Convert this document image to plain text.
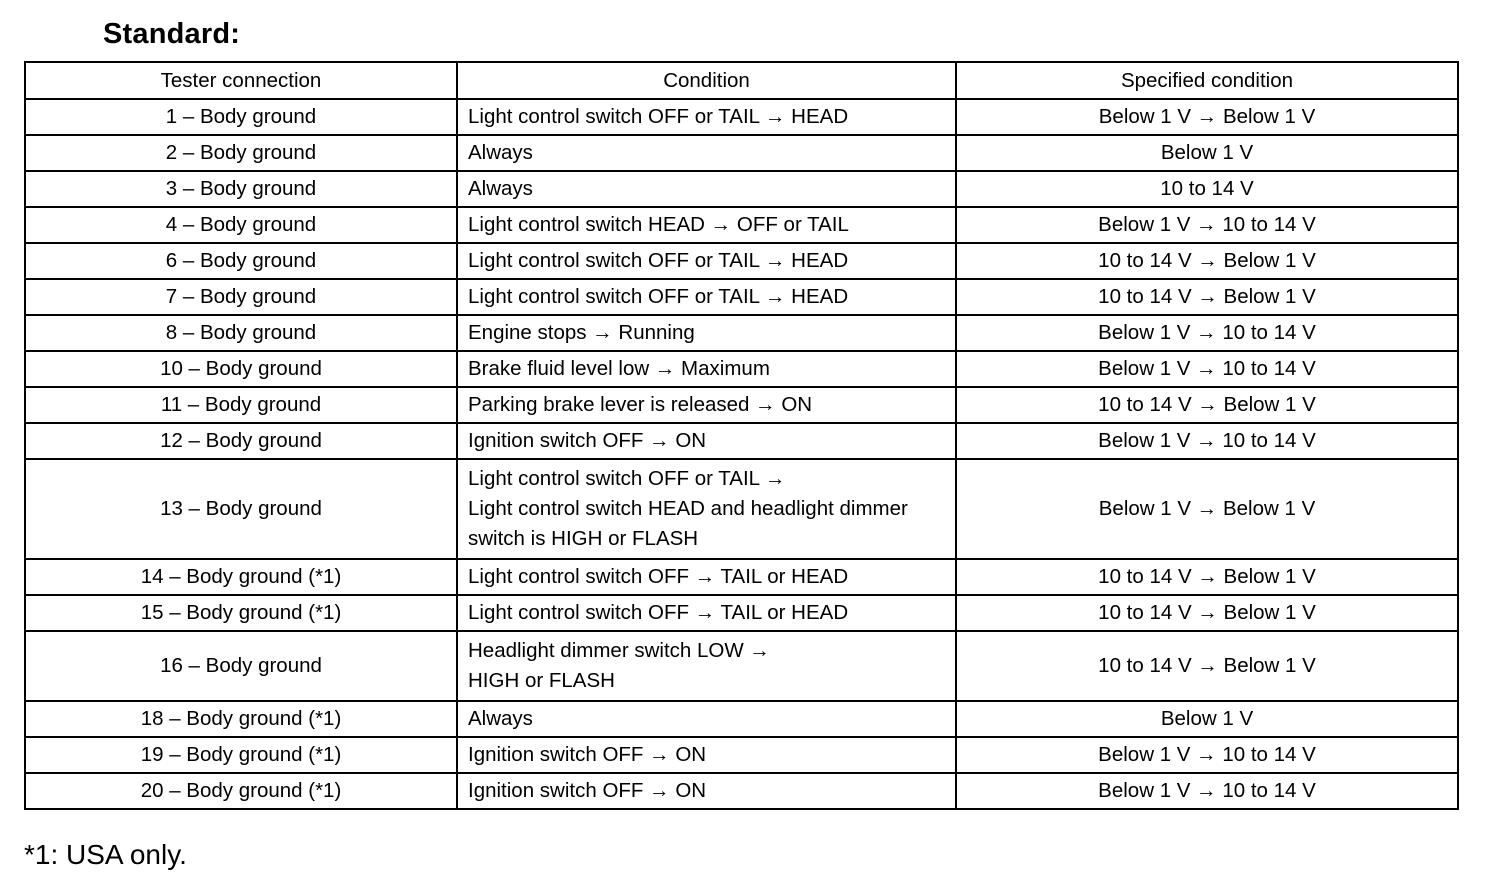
Standard:
Tester connection	Condition	Specified condition
1 – Body ground	Light control switch OFF or TAIL → HEAD	Below 1 V → Below 1 V
2 – Body ground	Always	Below 1 V
3 – Body ground	Always	10 to 14 V
4 – Body ground	Light control switch HEAD → OFF or TAIL	Below 1 V → 10 to 14 V
6 – Body ground	Light control switch OFF or TAIL → HEAD	10 to 14 V → Below 1 V
7 – Body ground	Light control switch OFF or TAIL → HEAD	10 to 14 V → Below 1 V
8 – Body ground	Engine stops → Running	Below 1 V → 10 to 14 V
10 – Body ground	Brake fluid level low → Maximum	Below 1 V → 10 to 14 V
11 – Body ground	Parking brake lever is released → ON	10 to 14 V → Below 1 V
12 – Body ground	Ignition switch OFF → ON	Below 1 V → 10 to 14 V
13 – Body ground	Light control switch OFF or TAIL →
Light control switch HEAD and headlight dimmer
switch is HIGH or FLASH	Below 1 V → Below 1 V
14 – Body ground (*1)	Light control switch OFF → TAIL or HEAD	10 to 14 V → Below 1 V
15 – Body ground (*1)	Light control switch OFF → TAIL or HEAD	10 to 14 V → Below 1 V
16 – Body ground	Headlight dimmer switch LOW →
HIGH or FLASH	10 to 14 V → Below 1 V
18 – Body ground (*1)	Always	Below 1 V
19 – Body ground (*1)	Ignition switch OFF → ON	Below 1 V → 10 to 14 V
20 – Body ground (*1)	Ignition switch OFF → ON	Below 1 V → 10 to 14 V
*1: USA only.
